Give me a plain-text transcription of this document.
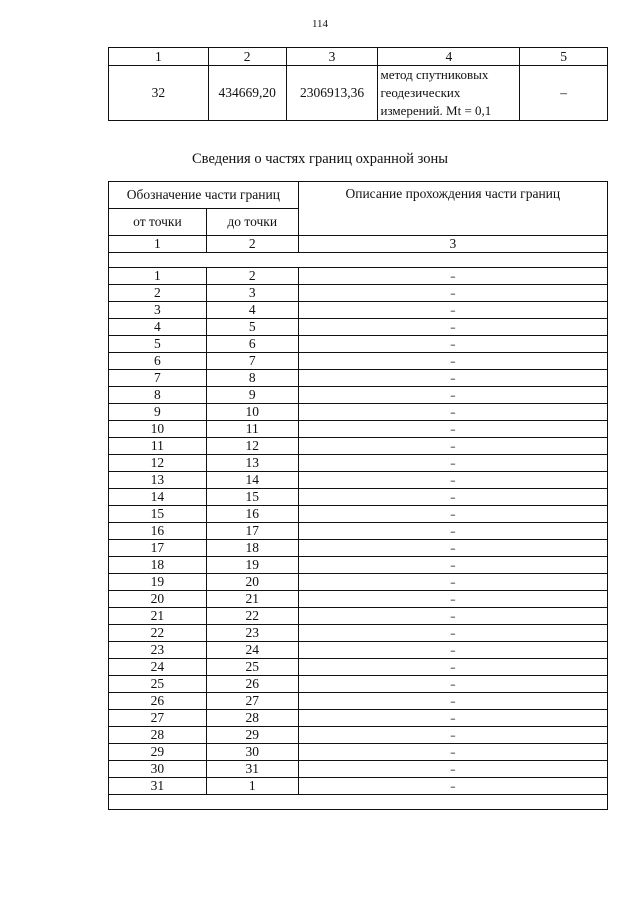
114
1	2	3	4	5
32	434669,20	2306913,36	метод спутниковых
геодезических
измерений. Mt = 0,1	–
Сведения о частях границ охранной зоны
Обозначение части границ		Описание прохождения части границ
от точки	до точки	
1	2	3

1	2	–
2	3	–
3	4	–
4	5	–
5	6	–
6	7	–
7	8	–
8	9	–
9	10	–
10	11	–
11	12	–
12	13	–
13	14	–
14	15	–
15	16	–
16	17	–
17	18	–
18	19	–
19	20	–
20	21	–
21	22	–
22	23	–
23	24	–
24	25	–
25	26	–
26	27	–
27	28	–
28	29	–
29	30	–
30	31	–
31	1	–
